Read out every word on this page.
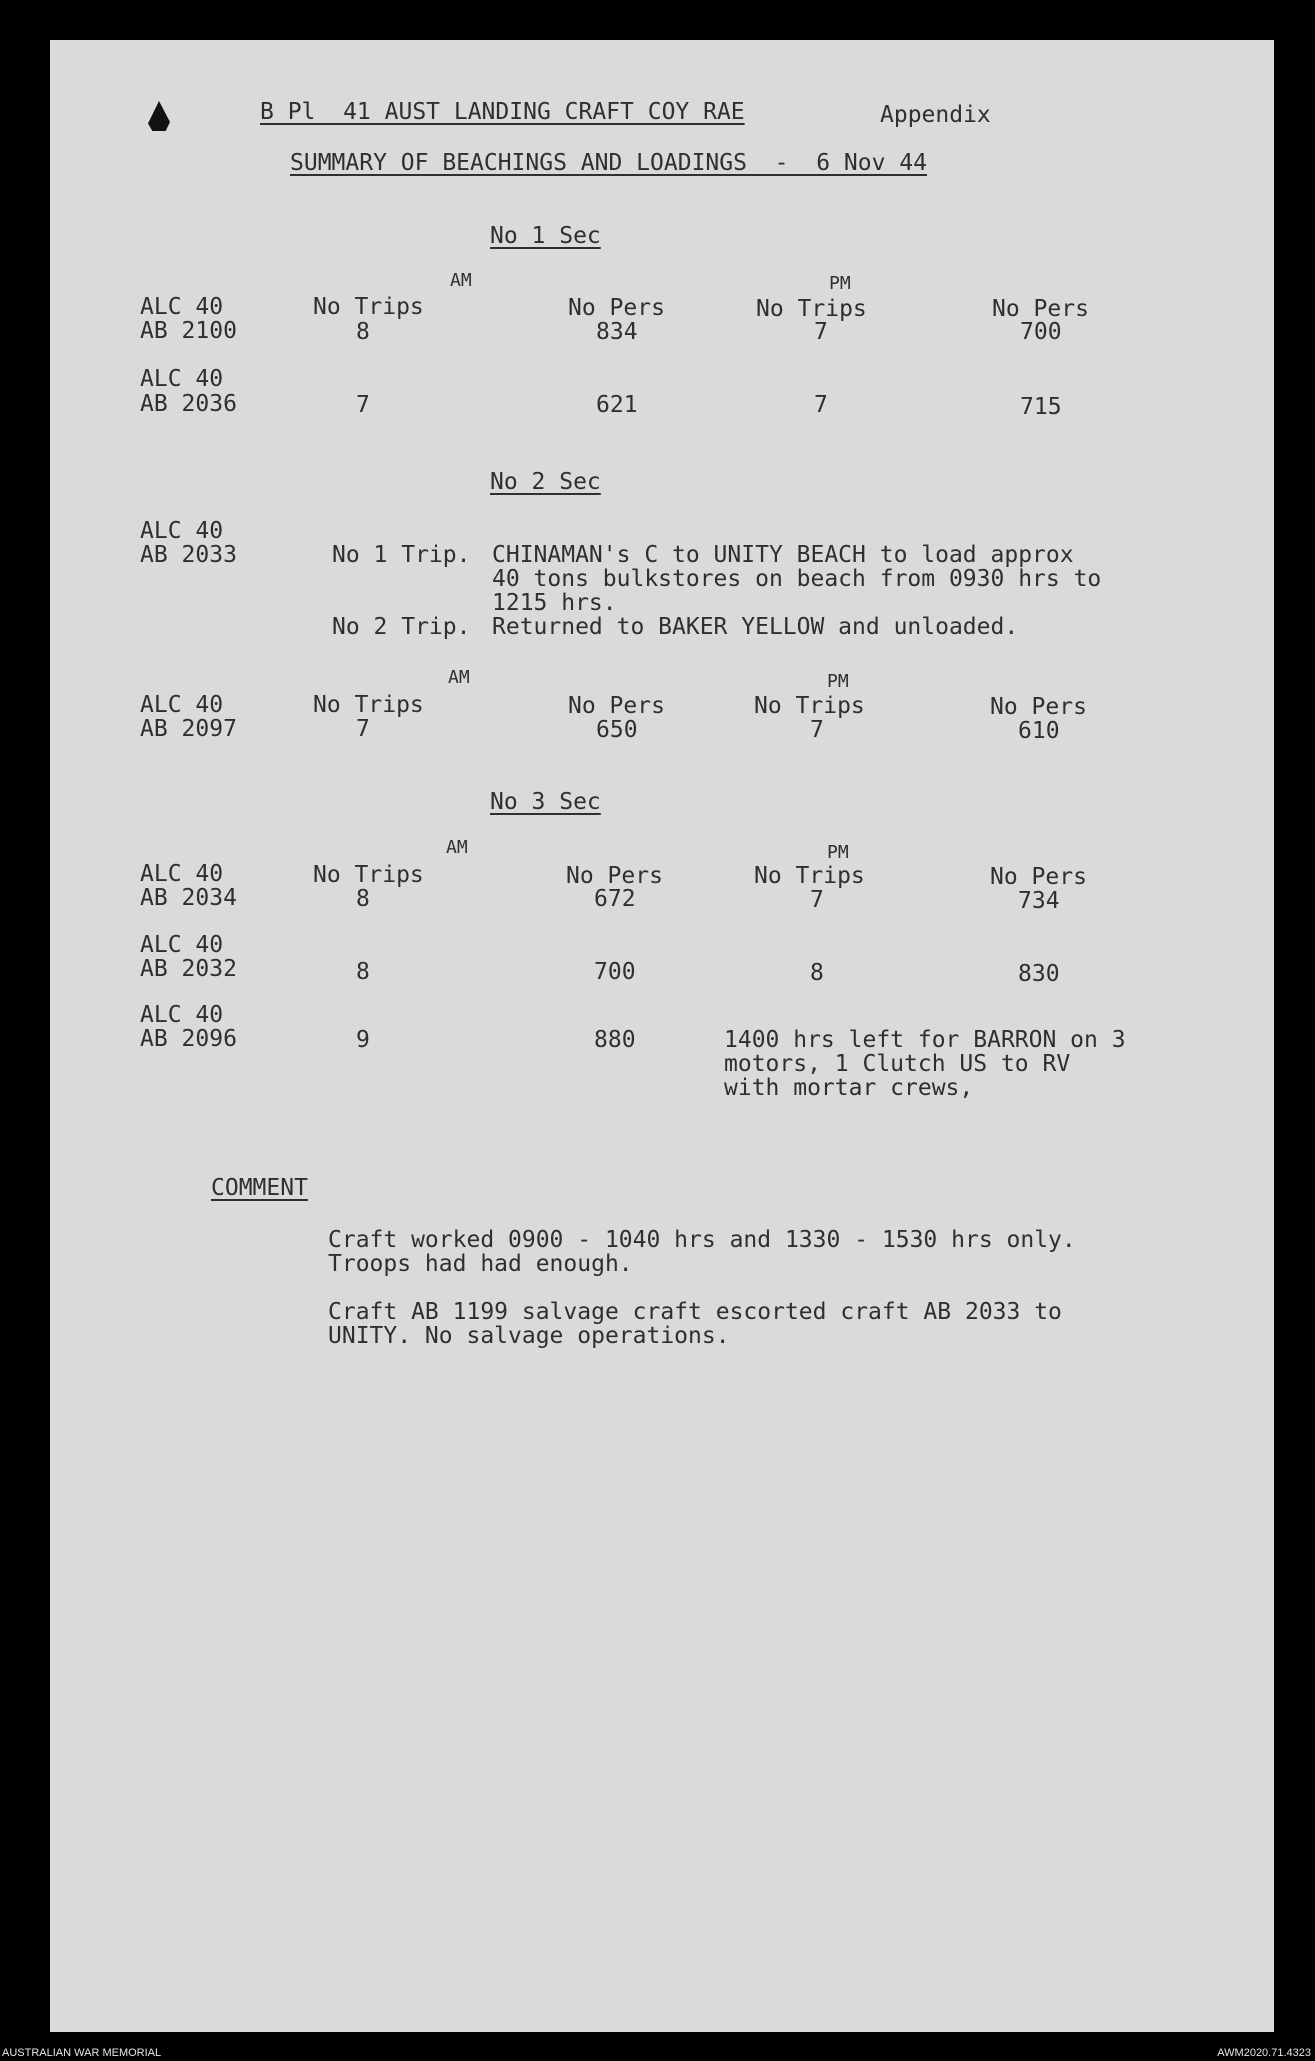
B Pl  41 AUST LANDING CRAFT COY RAE	Appendix
SUMMARY OF BEACHINGS AND LOADINGS  -  6 Nov 44
No 1 Sec
AM	PM
ALC 40	No Trips	No Pers	No Trips	No Pers
AB 2100	8	834	7	700
ALC 40
AB 2036	7	621	7	715
No 2 Sec
ALC 40
AB 2033	No 1 Trip. CHINAMAN's C to UNITY BEACH to load approx
40 tons bulkstores on beach from 0930 hrs to
1215 hrs.
No 2 Trip. Returned to BAKER YELLOW and unloaded.
AM	PM
ALC 40	No Trips	No Pers	No Trips	No Pers
AB 2097	7	650	7	610
No 3 Sec
AM	PM
ALC 40	No Trips	No Pers	No Trips	No Pers
AB 2034	8	672	7	734
ALC 40
AB 2032	8	700	8	830
ALC 40
AB 2096	9	880	1400 hrs left for BARRON on 3
motors, 1 Clutch US to RV
with mortar crews,
COMMENT
Craft worked 0900 - 1040 hrs and 1330 - 1530 hrs only.
Troops had had enough.
Craft AB 1199 salvage craft escorted craft AB 2033 to
UNITY. No salvage operations.
AUSTRALIAN WAR MEMORIAL	AWM2020.71.4323
